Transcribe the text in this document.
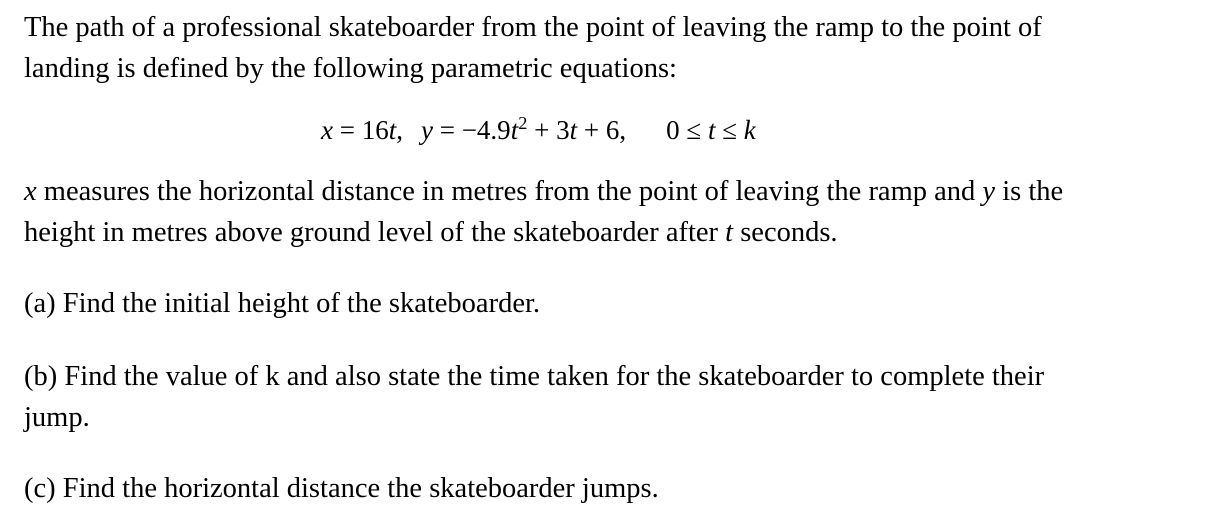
The path of a professional skateboarder from the point of leaving the ramp to the point of
landing is defined by the following parametric equations:

x = 16t, $y = -4.9t^2 + 3t + 6$, 0 ≤ t ≤ k

x measures the horizontal distance in metres from the point of leaving the ramp and y is the
height in metres above ground level of the skateboarder after t seconds.

(a) Find the initial height of the skateboarder.

(b) Find the value of k and also state the time taken for the skateboarder to complete their
jump.

(c) Find the horizontal distance the skateboarder jumps.
